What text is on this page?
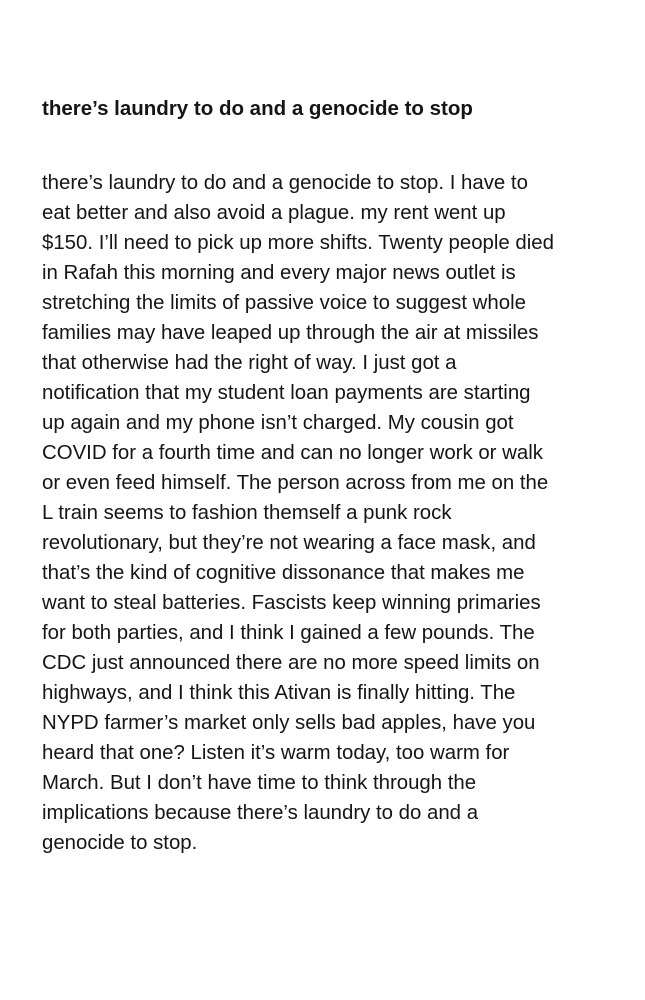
there’s laundry to do and a genocide to stop
there’s laundry to do and a genocide to stop. I have to
eat better and also avoid a plague. my rent went up
$150. I’ll need to pick up more shifts. Twenty people died
in Rafah this morning and every major news outlet is
stretching the limits of passive voice to suggest whole
families may have leaped up through the air at missiles
that otherwise had the right of way. I just got a
notification that my student loan payments are starting
up again and my phone isn’t charged. My cousin got
COVID for a fourth time and can no longer work or walk
or even feed himself. The person across from me on the
L train seems to fashion themself a punk rock
revolutionary, but they’re not wearing a face mask, and
that’s the kind of cognitive dissonance that makes me
want to steal batteries. Fascists keep winning primaries
for both parties, and I think I gained a few pounds. The
CDC just announced there are no more speed limits on
highways, and I think this Ativan is finally hitting. The
NYPD farmer’s market only sells bad apples, have you
heard that one? Listen it’s warm today, too warm for
March. But I don’t have time to think through the
implications because there’s laundry to do and a
genocide to stop.
